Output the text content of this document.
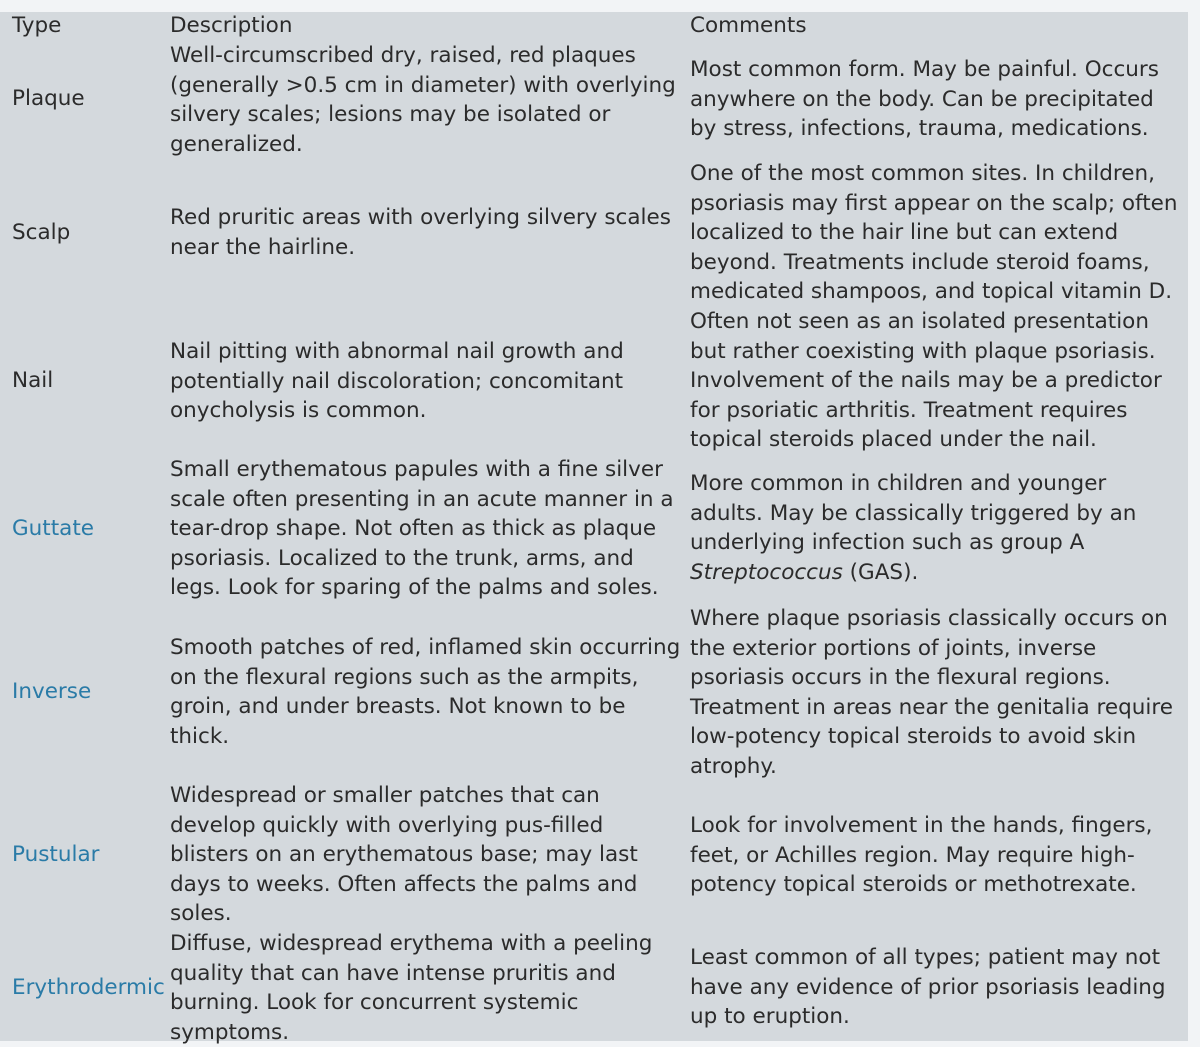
Type	Description	Comments
Plaque
Well-circumscribed dry, raised, red plaques
(generally >0.5 cm in diameter) with overlying
silvery scales; lesions may be isolated or
generalized.
Most common form. May be painful. Occurs
anywhere on the body. Can be precipitated
by stress, infections, trauma, medications.
Scalp
Red pruritic areas with overlying silvery scales
near the hairline.
One of the most common sites. In children,
psoriasis may first appear on the scalp; often
localized to the hair line but can extend
beyond. Treatments include steroid foams,
medicated shampoos, and topical vitamin D.
Nail
Nail pitting with abnormal nail growth and
potentially nail discoloration; concomitant
onycholysis is common.
Often not seen as an isolated presentation
but rather coexisting with plaque psoriasis.
Involvement of the nails may be a predictor
for psoriatic arthritis. Treatment requires
topical steroids placed under the nail.
Guttate
Small erythematous papules with a fine silver
scale often presenting in an acute manner in a
tear-drop shape. Not often as thick as plaque
psoriasis. Localized to the trunk, arms, and
legs. Look for sparing of the palms and soles.
More common in children and younger
adults. May be classically triggered by an
underlying infection such as group A
Streptococcus (GAS).
Inverse
Smooth patches of red, inflamed skin occurring
on the flexural regions such as the armpits,
groin, and under breasts. Not known to be
thick.
Where plaque psoriasis classically occurs on
the exterior portions of joints, inverse
psoriasis occurs in the flexural regions.
Treatment in areas near the genitalia require
low-potency topical steroids to avoid skin
atrophy.
Pustular
Widespread or smaller patches that can
develop quickly with overlying pus-filled
blisters on an erythematous base; may last
days to weeks. Often affects the palms and
soles.
Look for involvement in the hands, fingers,
feet, or Achilles region. May require high-
potency topical steroids or methotrexate.
Erythrodermic
Diffuse, widespread erythema with a peeling
quality that can have intense pruritis and
burning. Look for concurrent systemic
symptoms.
Least common of all types; patient may not
have any evidence of prior psoriasis leading
up to eruption.
